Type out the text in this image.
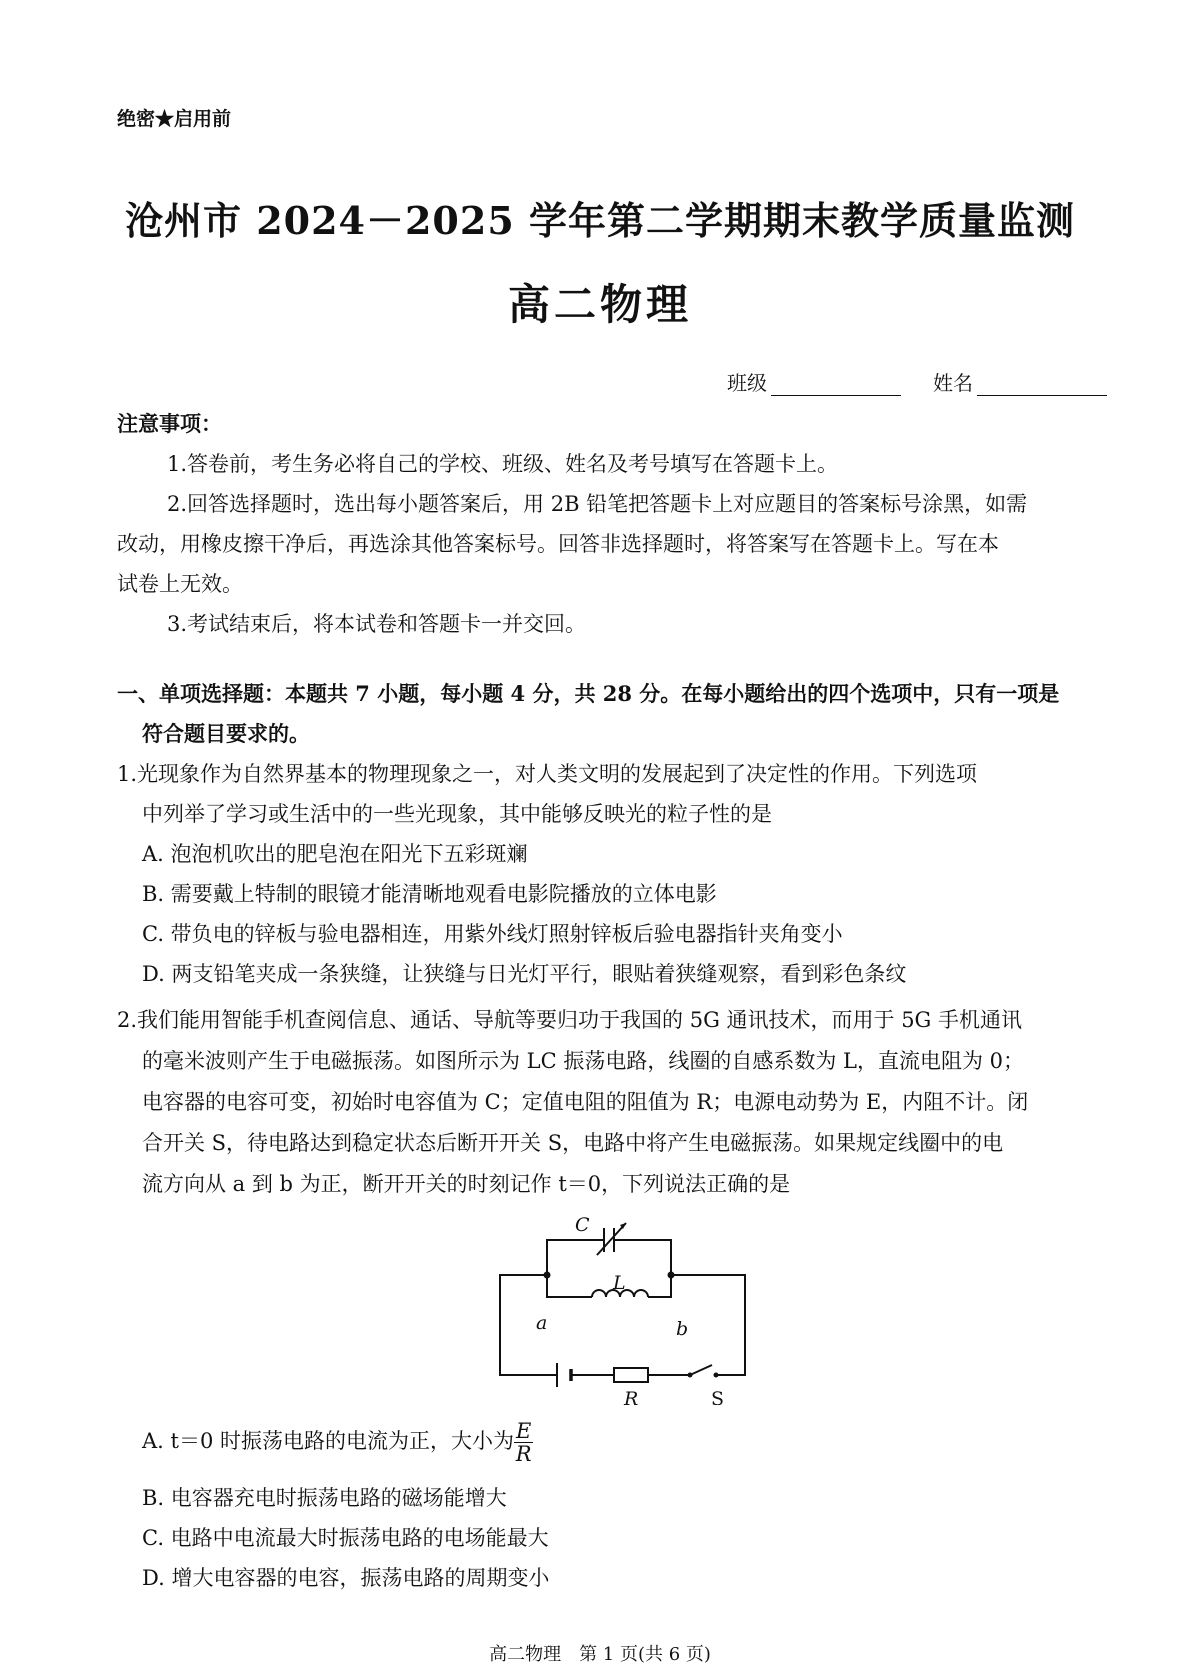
绝密★启用前
沧州市 2024－2025 学年第二学期期末教学质量监测
高二物理
班级	姓名
注意事项：
1.答卷前，考生务必将自己的学校、班级、姓名及考号填写在答题卡上。
2.回答选择题时，选出每小题答案后，用 2B 铅笔把答题卡上对应题目的答案标号涂黑，如需
改动，用橡皮擦干净后，再选涂其他答案标号。回答非选择题时，将答案写在答题卡上。写在本
试卷上无效。
3.考试结束后，将本试卷和答题卡一并交回。
一、单项选择题：本题共 7 小题，每小题 4 分，共 28 分。在每小题给出的四个选项中，只有一项是
符合题目要求的。
1.光现象作为自然界基本的物理现象之一，对人类文明的发展起到了决定性的作用。下列选项
中列举了学习或生活中的一些光现象，其中能够反映光的粒子性的是
A. 泡泡机吹出的肥皂泡在阳光下五彩斑斓
B. 需要戴上特制的眼镜才能清晰地观看电影院播放的立体电影
C. 带负电的锌板与验电器相连，用紫外线灯照射锌板后验电器指针夹角变小
D. 两支铅笔夹成一条狭缝，让狭缝与日光灯平行，眼贴着狭缝观察，看到彩色条纹
2.我们能用智能手机查阅信息、通话、导航等要归功于我国的 5G 通讯技术，而用于 5G 手机通讯
的毫米波则产生于电磁振荡。如图所示为 LC 振荡电路，线圈的自感系数为 L，直流电阻为 0；
电容器的电容可变，初始时电容值为 C；定值电阻的阻值为 R；电源电动势为 E，内阻不计。闭
合开关 S，待电路达到稳定状态后断开开关 S，电路中将产生电磁振荡。如果规定线圈中的电
流方向从 a 到 b 为正，断开开关的时刻记作 t＝0，下列说法正确的是
C
L
a	b
R	S
A. t＝0 时振荡电路的电流为正，大小为 $\frac{E}{R}$
B. 电容器充电时振荡电路的磁场能增大
C. 电路中电流最大时振荡电路的电场能最大
D. 增大电容器的电容，振荡电路的周期变小
高二物理　第 1 页(共 6 页)
